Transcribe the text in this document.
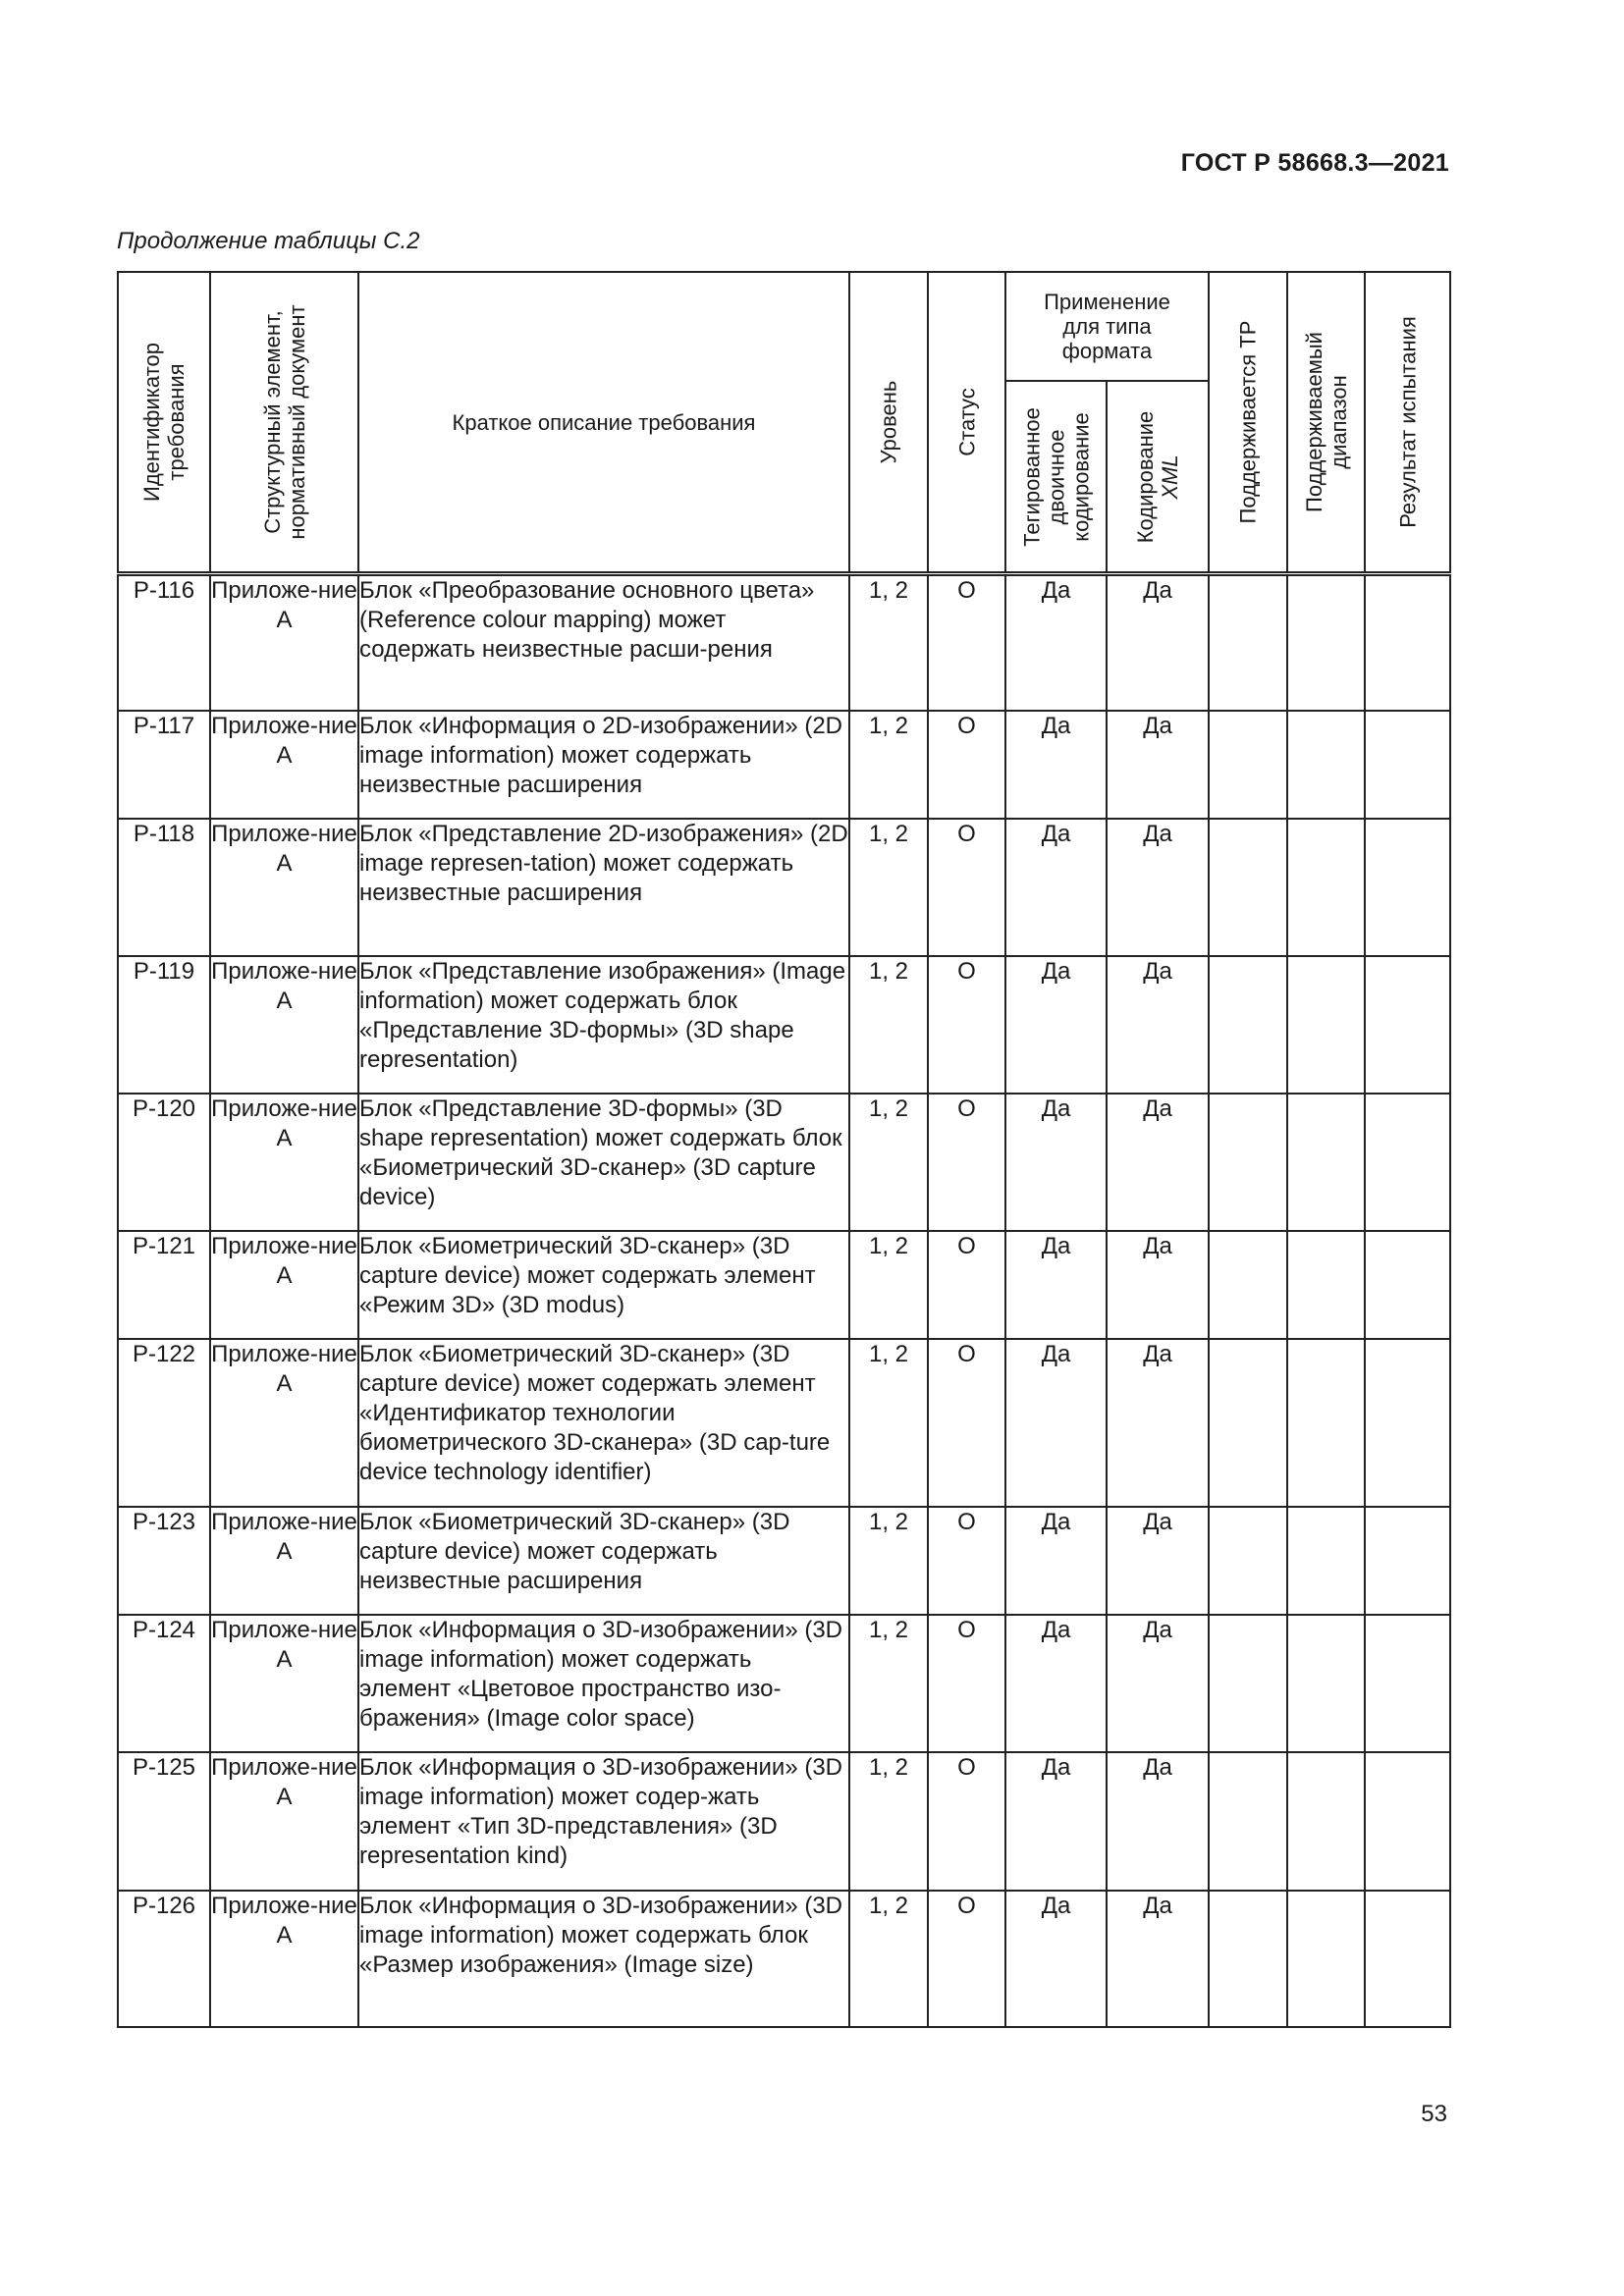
ГОСТ Р 58668.3—2021
Продолжение таблицы С.2
Идентификатор требования	Структурный элемент, нормативный документ	Краткое описание требования	Уровень	Статус	Применение для типа формата		Поддерживается ТР	Поддерживаемый диапазон	Результат испытания

					Тегированное двоичное кодирование	Кодирование XML			

P-116	Приложе-ние А	Блок «Преобразование основного цвета» (Reference colour mapping) может содержать неизвестные расши-рения	1, 2	O	Да	Да			
P-117	Приложе-ние А	Блок «Информация о 2D-изображении» (2D image information) может содержать неизвестные расширения	1, 2	O	Да	Да			
P-118	Приложе-ние А	Блок «Представление 2D-изображения» (2D image represen-tation) может содержать неизвестные расширения	1, 2	O	Да	Да			
P-119	Приложе-ние А	Блок «Представление изображения» (Image information) может содержать блок «Представление 3D-формы» (3D shape representation)	1, 2	O	Да	Да			
P-120	Приложе-ние А	Блок «Представление 3D-формы» (3D shape representation) может содержать блок «Биометрический 3D-сканер» (3D capture device)	1, 2	O	Да	Да			
P-121	Приложе-ние А	Блок «Биометрический 3D-сканер» (3D capture device) может содержать элемент «Режим 3D» (3D modus)	1, 2	O	Да	Да			
P-122	Приложе-ние А	Блок «Биометрический 3D-сканер» (3D capture device) может содержать элемент «Идентификатор технологии биометрического 3D-сканера» (3D cap-ture device technology identifier)	1, 2	O	Да	Да			
P-123	Приложе-ние А	Блок «Биометрический 3D-сканер» (3D capture device) может содержать неизвестные расширения	1, 2	O	Да	Да			
P-124	Приложе-ние А	Блок «Информация о 3D-изображении» (3D image information) может содержать элемент «Цветовое пространство изо-бражения» (Image color space)	1, 2	O	Да	Да			
P-125	Приложе-ние А	Блок «Информация о 3D-изображении» (3D image information) может содер-жать элемент «Тип 3D-представления» (3D representation kind)	1, 2	O	Да	Да			
P-126	Приложе-ние А	Блок «Информация о 3D-изображении» (3D image information) может содержать блок «Размер изображения» (Image size)	1, 2	O	Да	Да			
53
